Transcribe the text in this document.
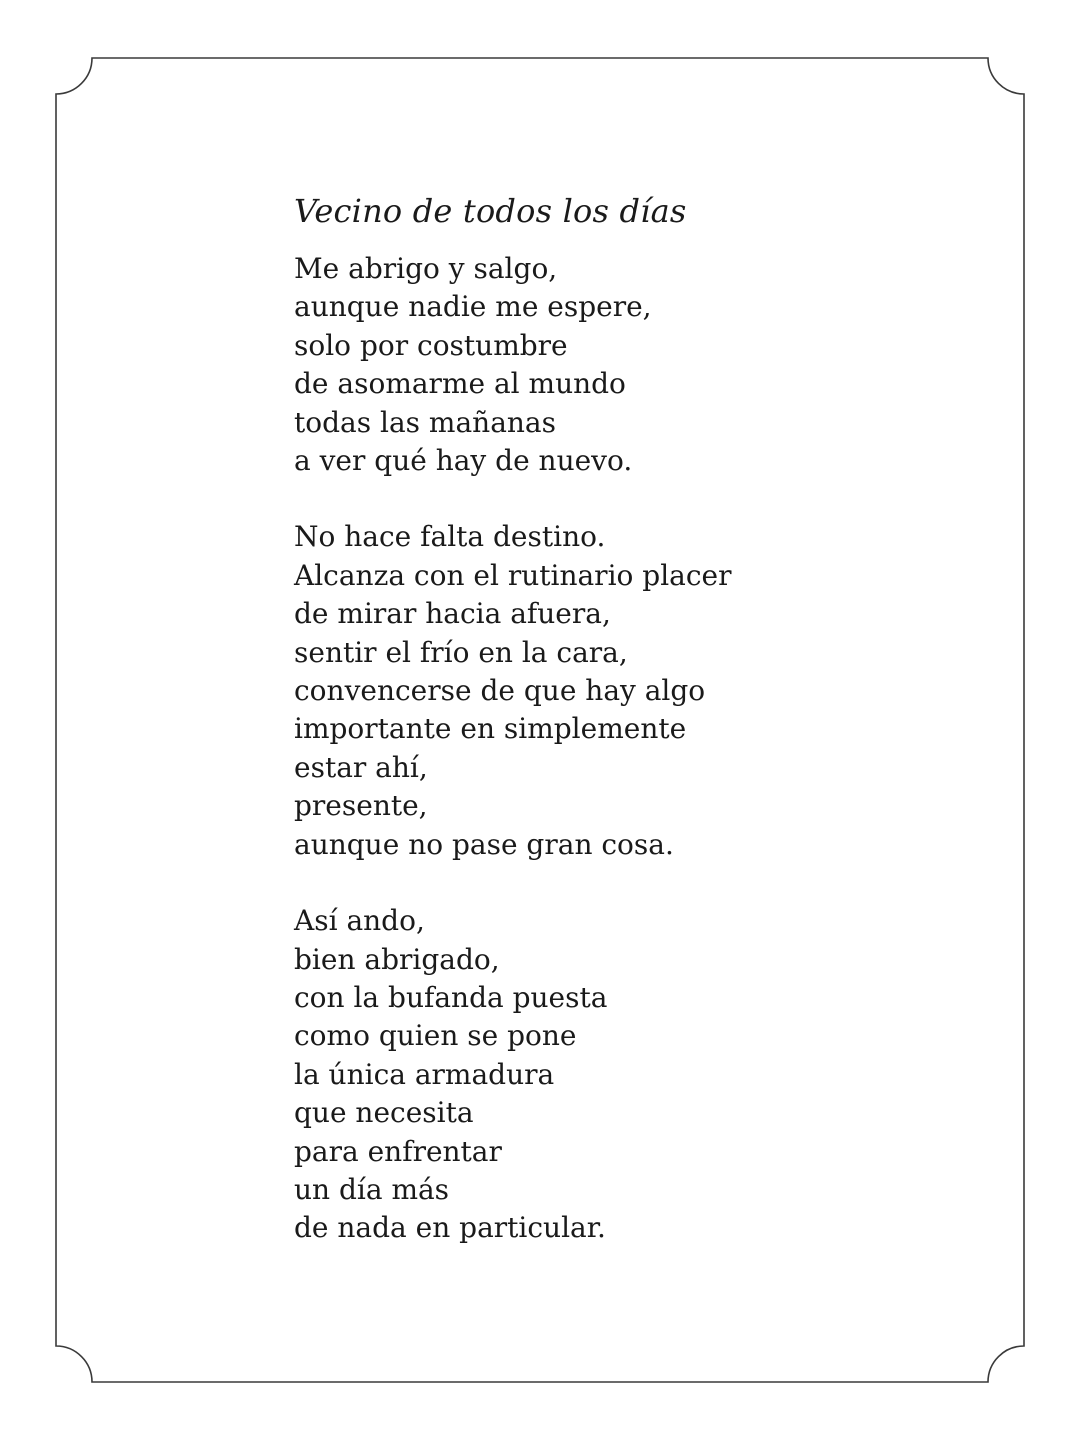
Vecino de todos los días
Me abrigo y salgo,
aunque nadie me espere,
solo por costumbre
de asomarme al mundo
todas las mañanas
a ver qué hay de nuevo.
No hace falta destino.
Alcanza con el rutinario placer
de mirar hacia afuera,
sentir el frío en la cara,
convencerse de que hay algo
importante en simplemente
estar ahí,
presente,
aunque no pase gran cosa.
Así ando,
bien abrigado,
con la bufanda puesta
como quien se pone
la única armadura
que necesita
para enfrentar
un día más
de nada en particular.
